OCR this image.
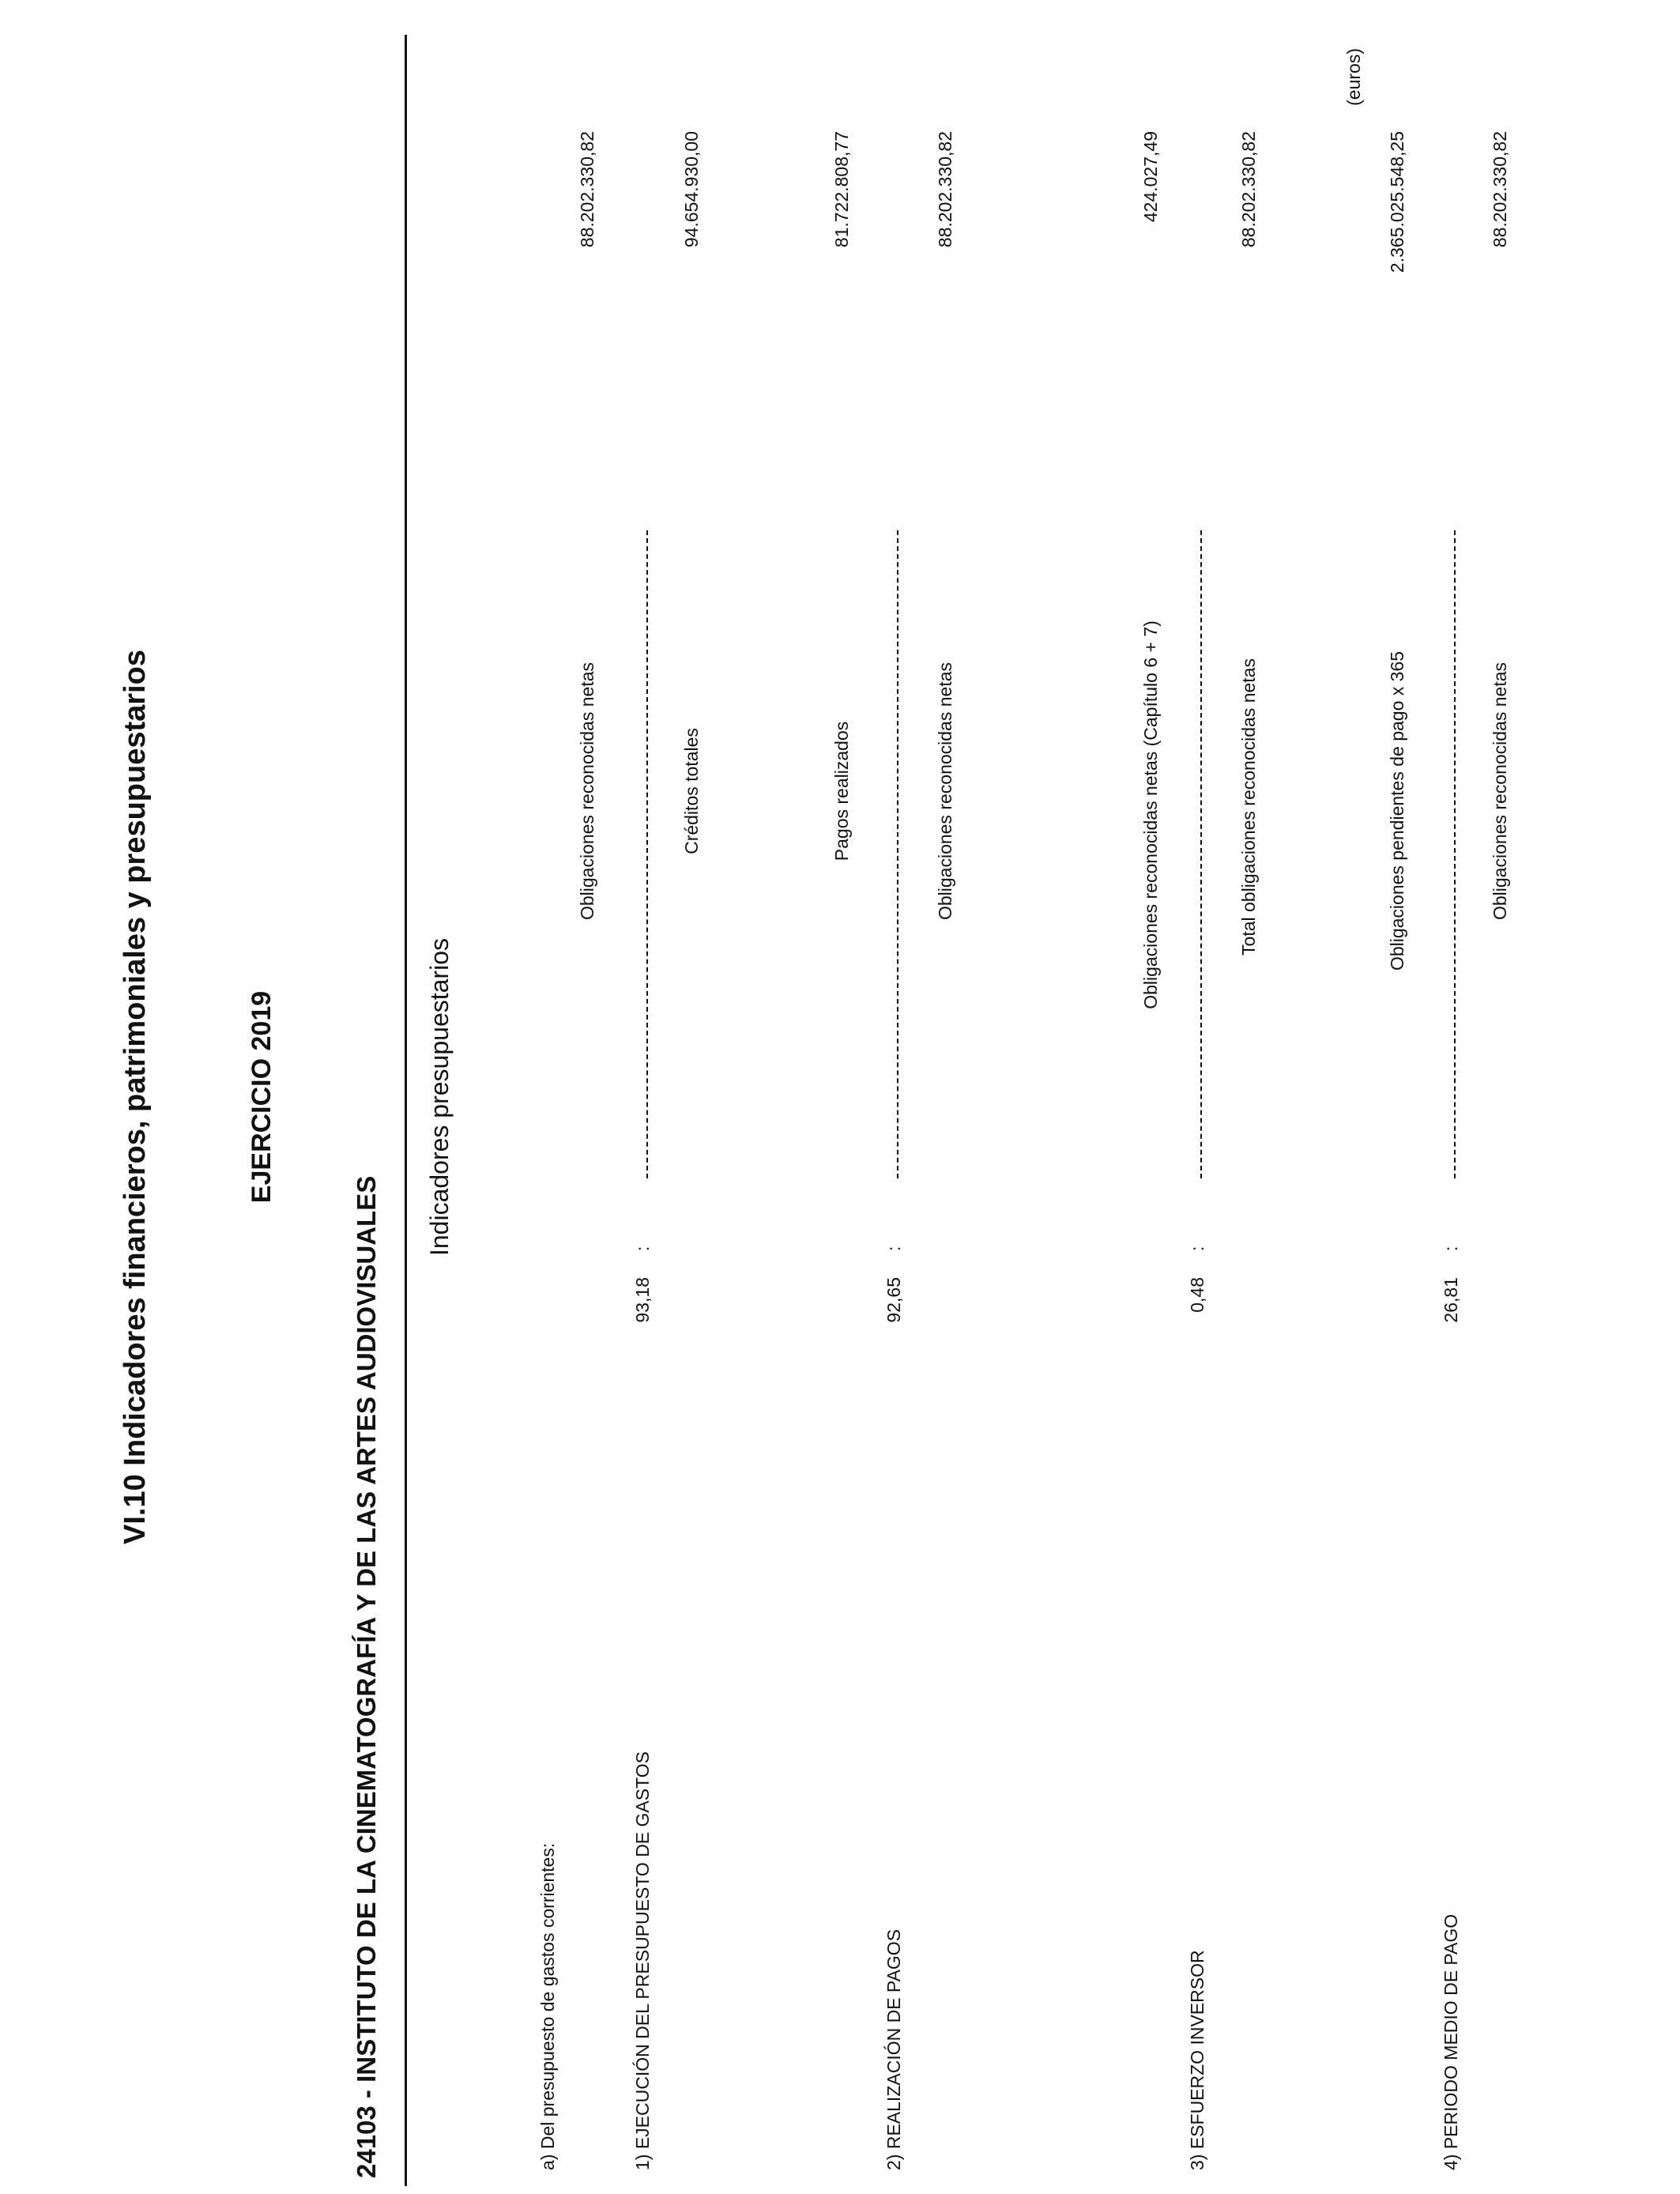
VI.10 Indicadores financieros, patrimoniales y presupuestarios	EJERCICIO 2019
24103 - INSTITUTO DE LA CINEMATOGRAFÍA Y DE LAS ARTES AUDIOVISUALES
(euros)
Indicadores presupuestarios
a) Del presupuesto de gastos corrientes:	1) EJECUCIÓN DEL PRESUPUESTO DE GASTOS
93,18
:
Obligaciones reconocidas netas	Créditos totales
88.202.330,82	94.654.930,00
2) REALIZACIÓN DE PAGOS
92,65
:
Pagos realizados	Obligaciones reconocidas netas
81.722.808,77	88.202.330,82
3) ESFUERZO INVERSOR
0,48
:
Obligaciones reconocidas netas (Capítulo 6 + 7)	Total obligaciones reconocidas netas
424.027,49	88.202.330,82
4) PERIODO MEDIO DE PAGO
26,81
:
Obligaciones pendientes de pago x 365	Obligaciones reconocidas netas
2.365.025.548,25	88.202.330,82
